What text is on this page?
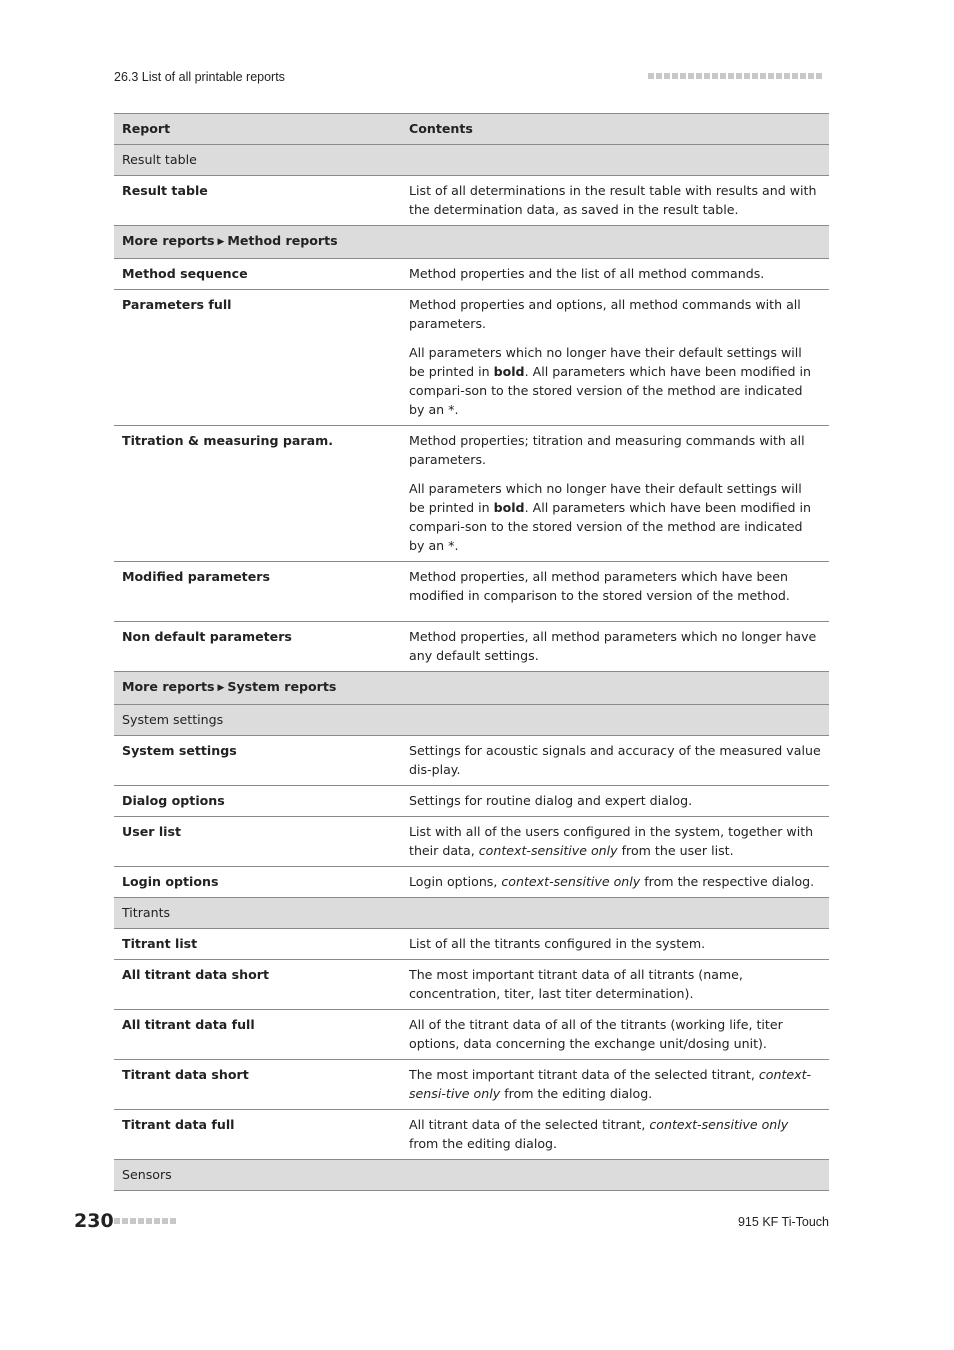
26.3 List of all printable reports
Report	Contents
Result table	
Result table	List of all determinations in the result table with results and with the determination data, as saved in the result table.

More reports ▶ Method reports	
Method sequence	Method properties and the list of all method commands.

Parameters full	Method properties and options, all method commands with all parameters.

All parameters which no longer have their default settings will be printed in bold. All parameters which have been modified in compari-son to the stored version of the method are indicated by an *.

Titration & measuring param.	Method properties; titration and measuring commands with all parameters.

All parameters which no longer have their default settings will be printed in bold. All parameters which have been modified in compari-son to the stored version of the method are indicated by an *.

Modified parameters	Method properties, all method parameters which have been modified in comparison to the stored version of the method.

Non default parameters	Method properties, all method parameters which no longer have any default settings.

More reports ▶ System reports	
System settings	
System settings	Settings for acoustic signals and accuracy of the measured value dis-play.

Dialog options	Settings for routine dialog and expert dialog.

User list	List with all of the users configured in the system, together with their data, context-sensitive only from the user list.

Login options	Login options, context-sensitive only from the respective dialog.

Titrants	
Titrant list	List of all the titrants configured in the system.

All titrant data short	The most important titrant data of all titrants (name, concentration, titer, last titer determination).

All titrant data full	All of the titrant data of all of the titrants (working life, titer options, data concerning the exchange unit/dosing unit).

Titrant data short	The most important titrant data of the selected titrant, context-sensi-tive only from the editing dialog.

Titrant data full	All titrant data of the selected titrant, context-sensitive only from the editing dialog.

Sensors	
230	915 KF Ti-Touch
